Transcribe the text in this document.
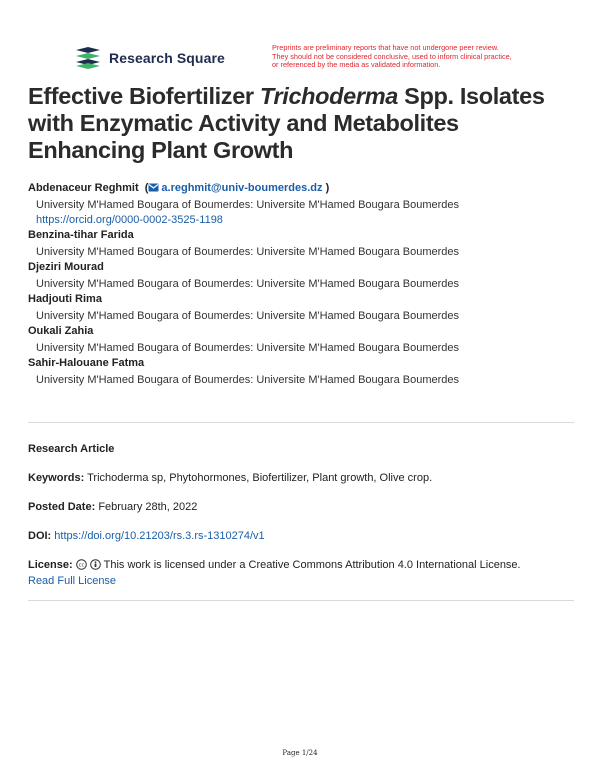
Research Square
Preprints are preliminary reports that have not undergone peer review.
They should not be considered conclusive, used to inform clinical practice,
or referenced by the media as validated information.
Effective Biofertilizer Trichoderma Spp. Isolates with Enzymatic Activity and Metabolites Enhancing Plant Growth
Abdenaceur Reghmit  ( a.reghmit@univ-boumerdes.dz )
University M'Hamed Bougara of Boumerdes: Universite M'Hamed Bougara Boumerdes
https://orcid.org/0000-0002-3525-1198
Benzina-tihar Farida
University M'Hamed Bougara of Boumerdes: Universite M'Hamed Bougara Boumerdes
Djeziri Mourad
University M'Hamed Bougara of Boumerdes: Universite M'Hamed Bougara Boumerdes
Hadjouti Rima
University M'Hamed Bougara of Boumerdes: Universite M'Hamed Bougara Boumerdes
Oukali Zahia
University M'Hamed Bougara of Boumerdes: Universite M'Hamed Bougara Boumerdes
Sahir-Halouane Fatma
University M'Hamed Bougara of Boumerdes: Universite M'Hamed Bougara Boumerdes
Research Article
Keywords: Trichoderma sp, Phytohormones, Biofertilizer, Plant growth, Olive crop.
Posted Date: February 28th, 2022
DOI: https://doi.org/10.21203/rs.3.rs-1310274/v1
License: cc This work is licensed under a Creative Commons Attribution 4.0 International License.
Read Full License
Page 1/24
